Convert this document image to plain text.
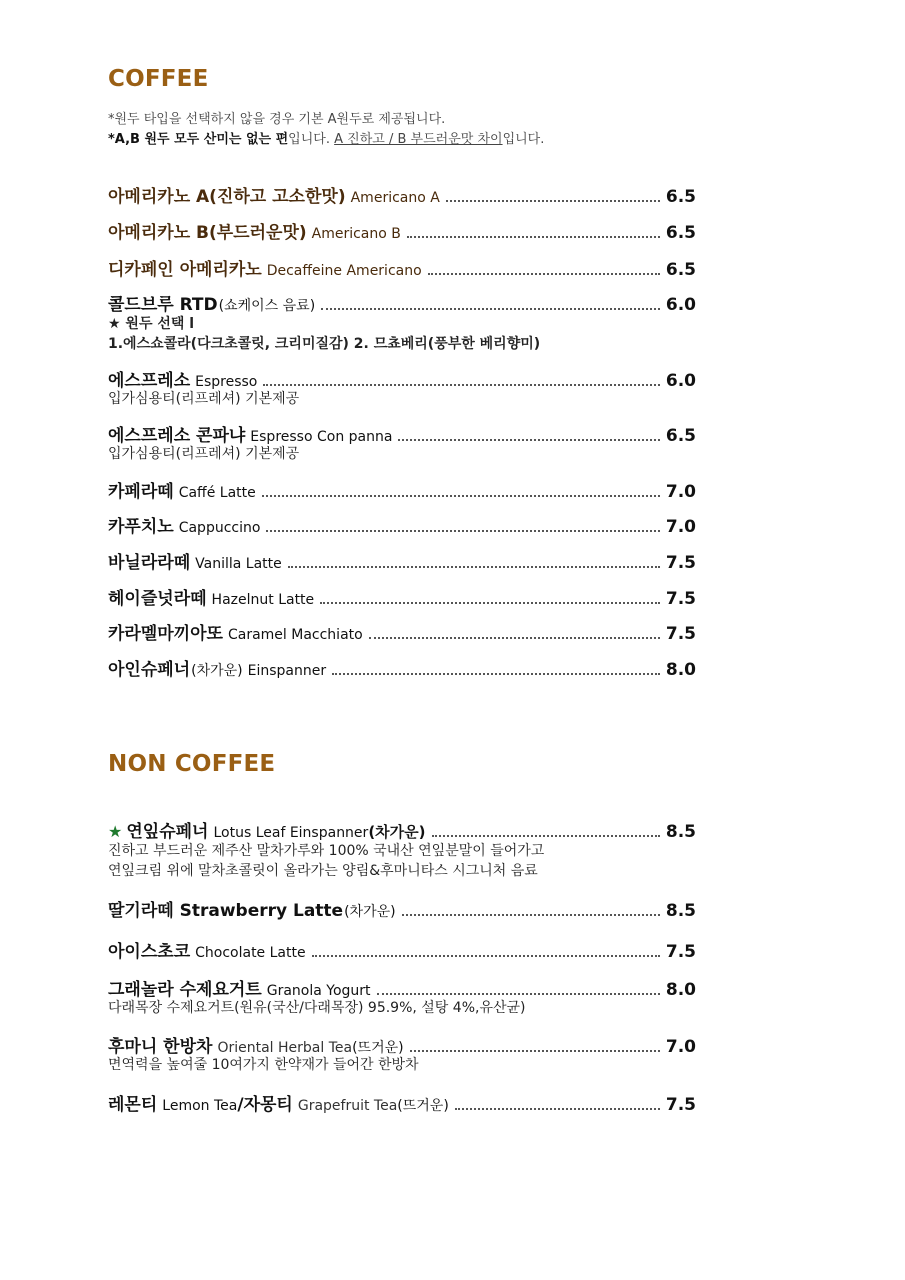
COFFEE
*원두 타입을 선택하지 않을 경우 기본 A원두로 제공됩니다.
*A,B 원두 모두 산미는 없는 편입니다. A 진하고 / B 부드러운맛 차이입니다.
아메리카노 A(진하고 고소한맛) Americano A	6.5
아메리카노 B(부드러운맛) Americano B	6.5
디카페인 아메리카노 Decaffeine Americano	6.5
콜드브루 RTD (쇼케이스 음료)	6.0
★ 원두 선택 l
1.에스쇼콜라(다크초콜릿, 크리미질감) 2. 므쵸베리(풍부한 베리향미)
에스프레소 Espresso	6.0
입가심용티(리프레셔) 기본제공
에스프레소 콘파냐 Espresso Con panna	6.5
입가심용티(리프레셔) 기본제공
카페라떼 Caffé Latte	7.0
카푸치노 Cappuccino	7.0
바닐라라떼 Vanilla Latte	7.5
헤이즐넛라떼 Hazelnut Latte	7.5
카라멜마끼아또 Caramel Macchiato	7.5
아인슈페너 (차가운) Einspanner	8.0
NON COFFEE
★ 연잎슈페너 Lotus Leaf Einspanner (차가운)	8.5
진하고 부드러운 제주산 말차가루와 100% 국내산 연잎분말이 들어가고
연잎크림 위에 말차초콜릿이 올라가는 양림&후마니타스 시그니처 음료
딸기라떼 Strawberry Latte (차가운)	8.5
아이스초코 Chocolate Latte	7.5
그래놀라 수제요거트 Granola Yogurt	8.0
다래목장 수제요거트(원유(국산/다래목장) 95.9%, 설탕 4%,유산균)
후마니 한방차 Oriental Herbal Tea (뜨거운)	7.0
면역력을 높여줄 10여가지 한약재가 들어간 한방차
레몬티 Lemon Tea / 자몽티 Grapefruit Tea (뜨거운)	7.5
